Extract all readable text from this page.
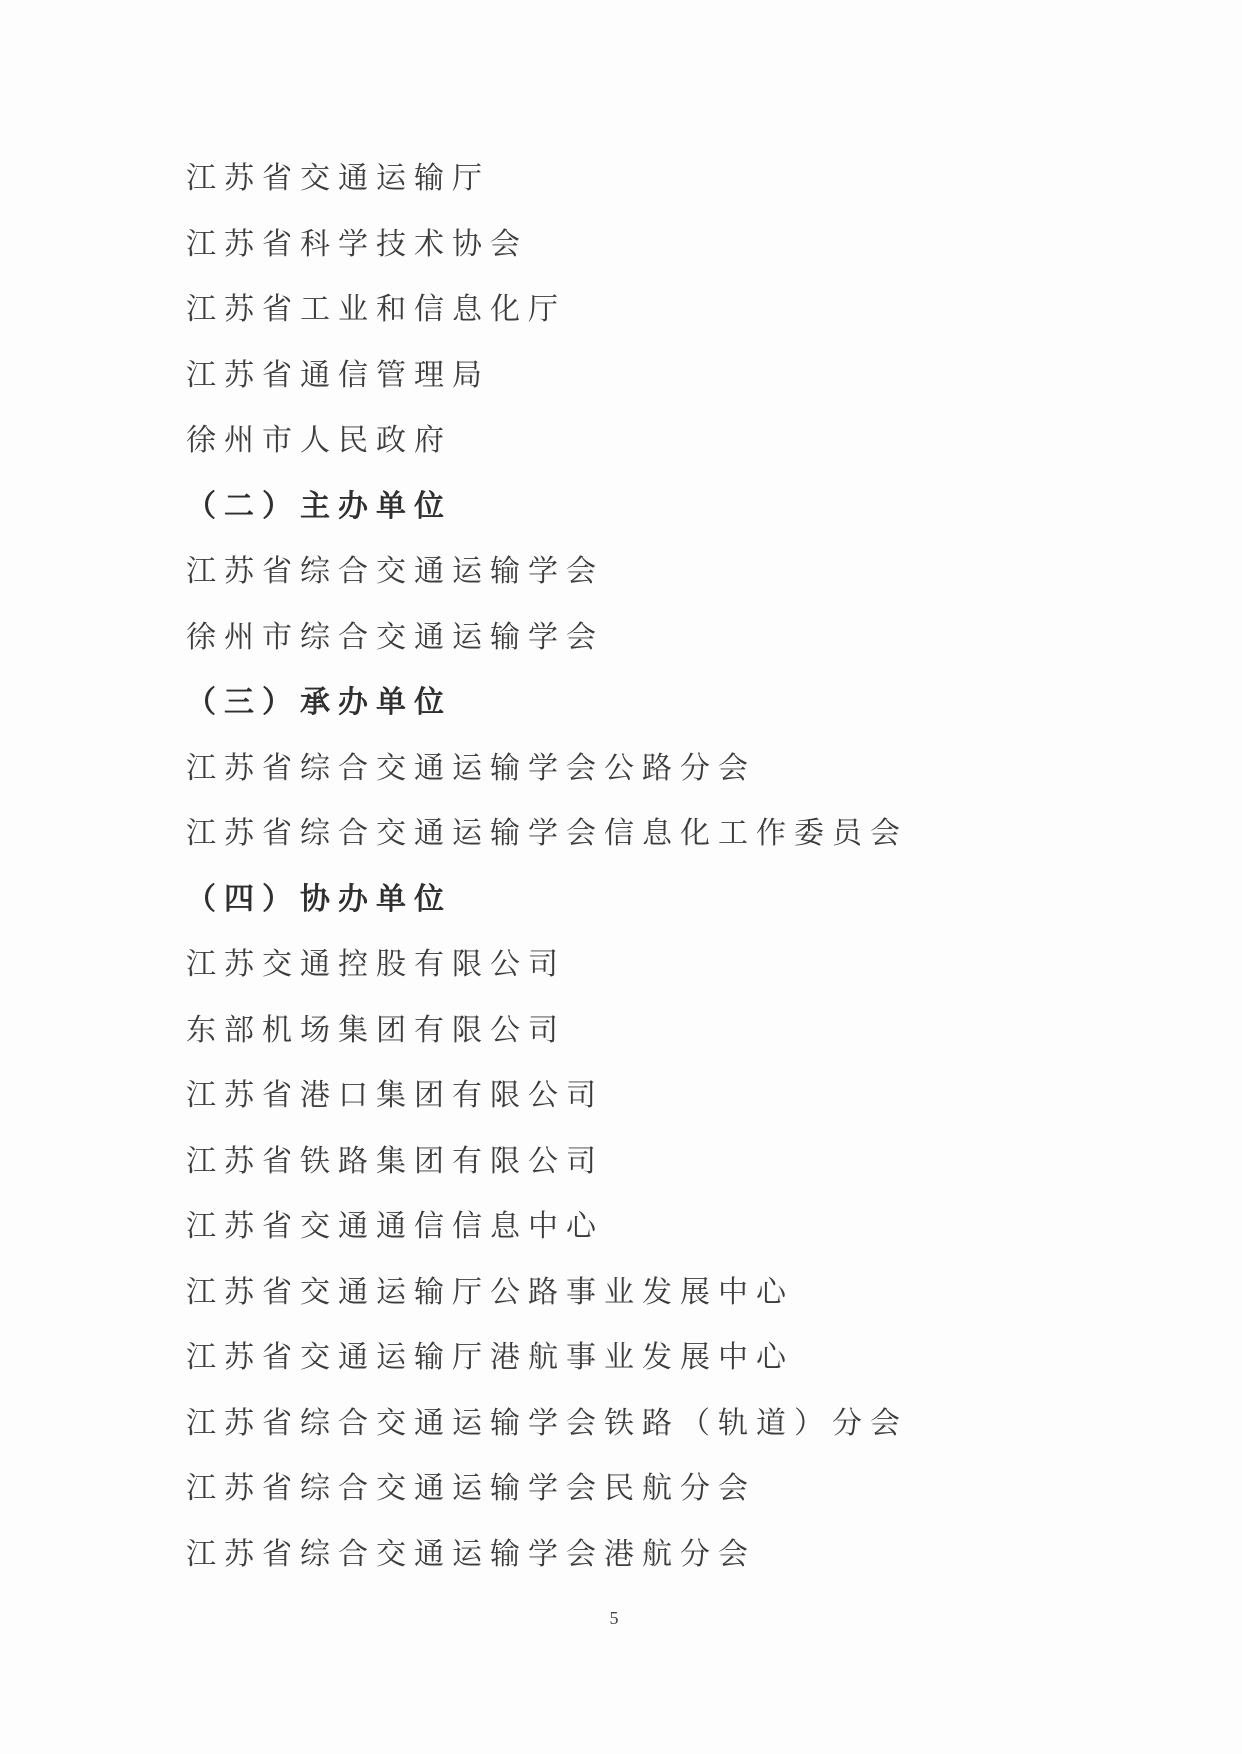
江苏省交通运输厅
江苏省科学技术协会
江苏省工业和信息化厅
江苏省通信管理局
徐州市人民政府
（二）主办单位
江苏省综合交通运输学会
徐州市综合交通运输学会
（三）承办单位
江苏省综合交通运输学会公路分会
江苏省综合交通运输学会信息化工作委员会
（四）协办单位
江苏交通控股有限公司
东部机场集团有限公司
江苏省港口集团有限公司
江苏省铁路集团有限公司
江苏省交通通信信息中心
江苏省交通运输厅公路事业发展中心
江苏省交通运输厅港航事业发展中心
江苏省综合交通运输学会铁路（轨道）分会
江苏省综合交通运输学会民航分会
江苏省综合交通运输学会港航分会
5
